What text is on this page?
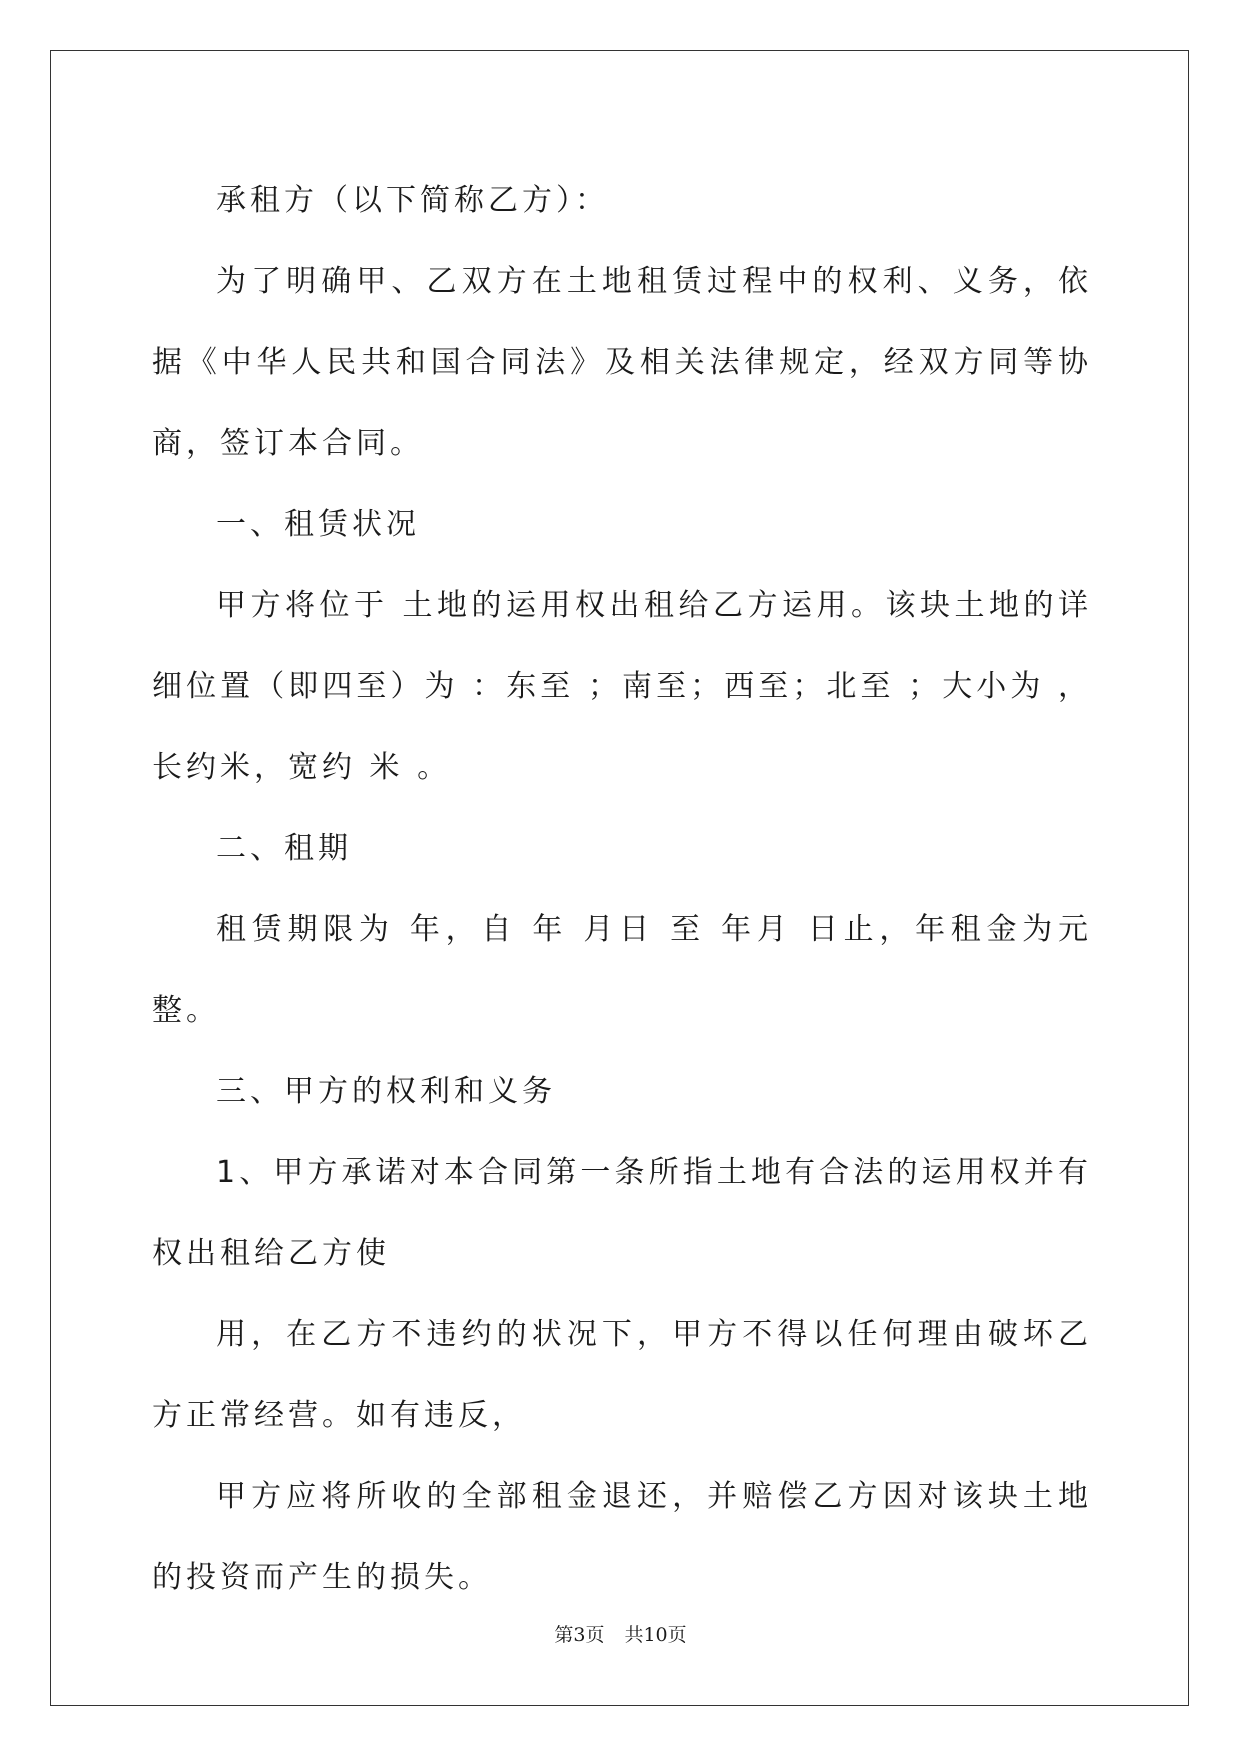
承租方（以下简称乙方）：

为了明确甲、乙双方在土地租赁过程中的权利、义务，依据《中华人民共和国合同法》及相关法律规定，经双方同等协商，签订本合同。

一、租赁状况

甲方将位于 土地的运用权出租给乙方运用。该块土地的详细位置（即四至）为 ：东至 ；南至；西至；北至 ；大小为 ， 长约米，宽约 米 。

二、租期

租赁期限为 年，自 年 月日 至 年月 日止，年租金为元整。

三、甲方的权利和义务

1、甲方承诺对本合同第一条所指土地有合法的运用权并有权出租给乙方使

用，在乙方不违约的状况下，甲方不得以任何理由破坏乙方正常经营。如有违反，

甲方应将所收的全部租金退还，并赔偿乙方因对该块土地的投资而产生的损失。

第3页 共10页
